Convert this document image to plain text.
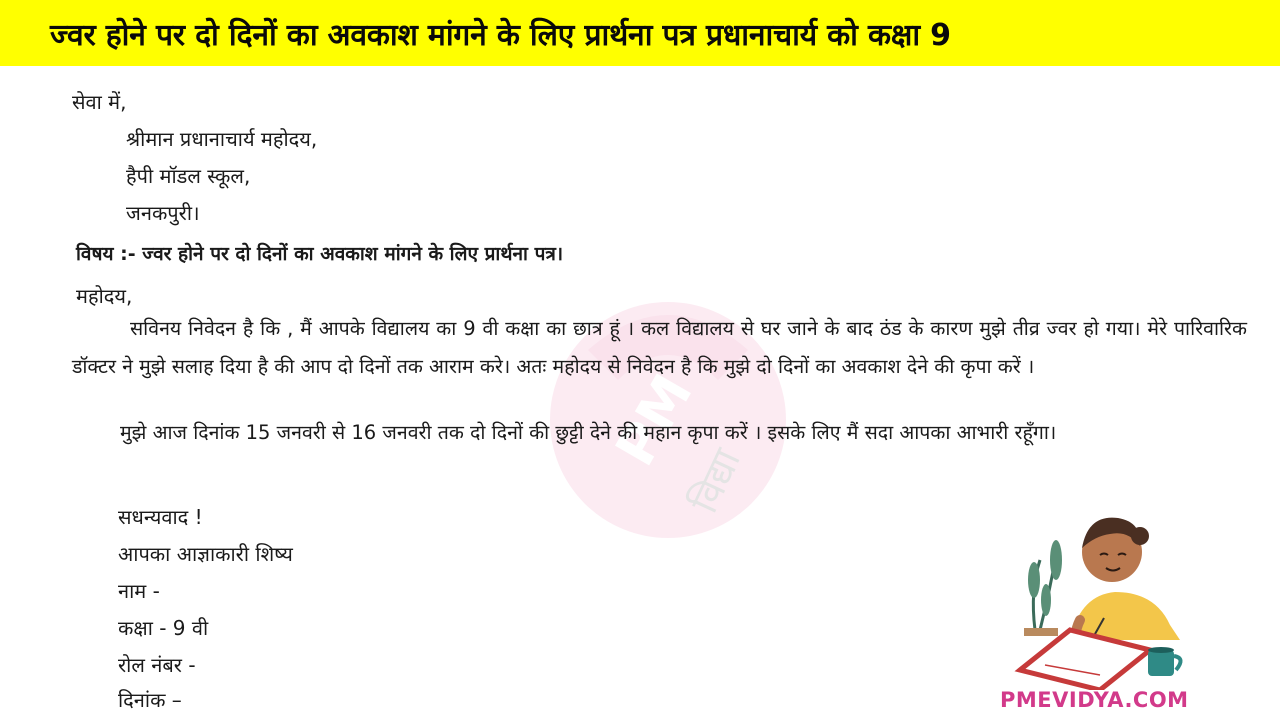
ज्वर होने पर दो दिनों का अवकाश मांगने के लिए प्रार्थना पत्र प्रधानाचार्य को कक्षा 9
PM
विद्या
सेवा में,
श्रीमान प्रधानाचार्य महोदय,
हैपी मॉडल स्कूल,
जनकपुरी।
विषय :- ज्वर होने पर दो दिनों का अवकाश मांगने के लिए प्रार्थना पत्र।
महोदय,
सविनय निवेदन है कि , मैं आपके विद्यालय का 9 वी कक्षा का छात्र हूं । कल विद्यालय से घर जाने के बाद ठंड के कारण मुझे तीव्र ज्वर हो गया। मेरे पारिवारिक डॉक्टर ने मुझे सलाह दिया है की आप दो दिनों तक आराम करे। अतः महोदय से निवेदन है कि मुझे दो दिनों का अवकाश देने की कृपा करें ।
मुझे आज दिनांक 15 जनवरी से 16 जनवरी तक दो दिनों की छुट्टी देने की महान कृपा करें । इसके लिए मैं सदा आपका आभारी रहूँगा।
सधन्यवाद !
आपका आज्ञाकारी शिष्य
नाम -
कक्षा - 9 वी
रोल नंबर -
दिनांक –	PMEVIDYA.COM
